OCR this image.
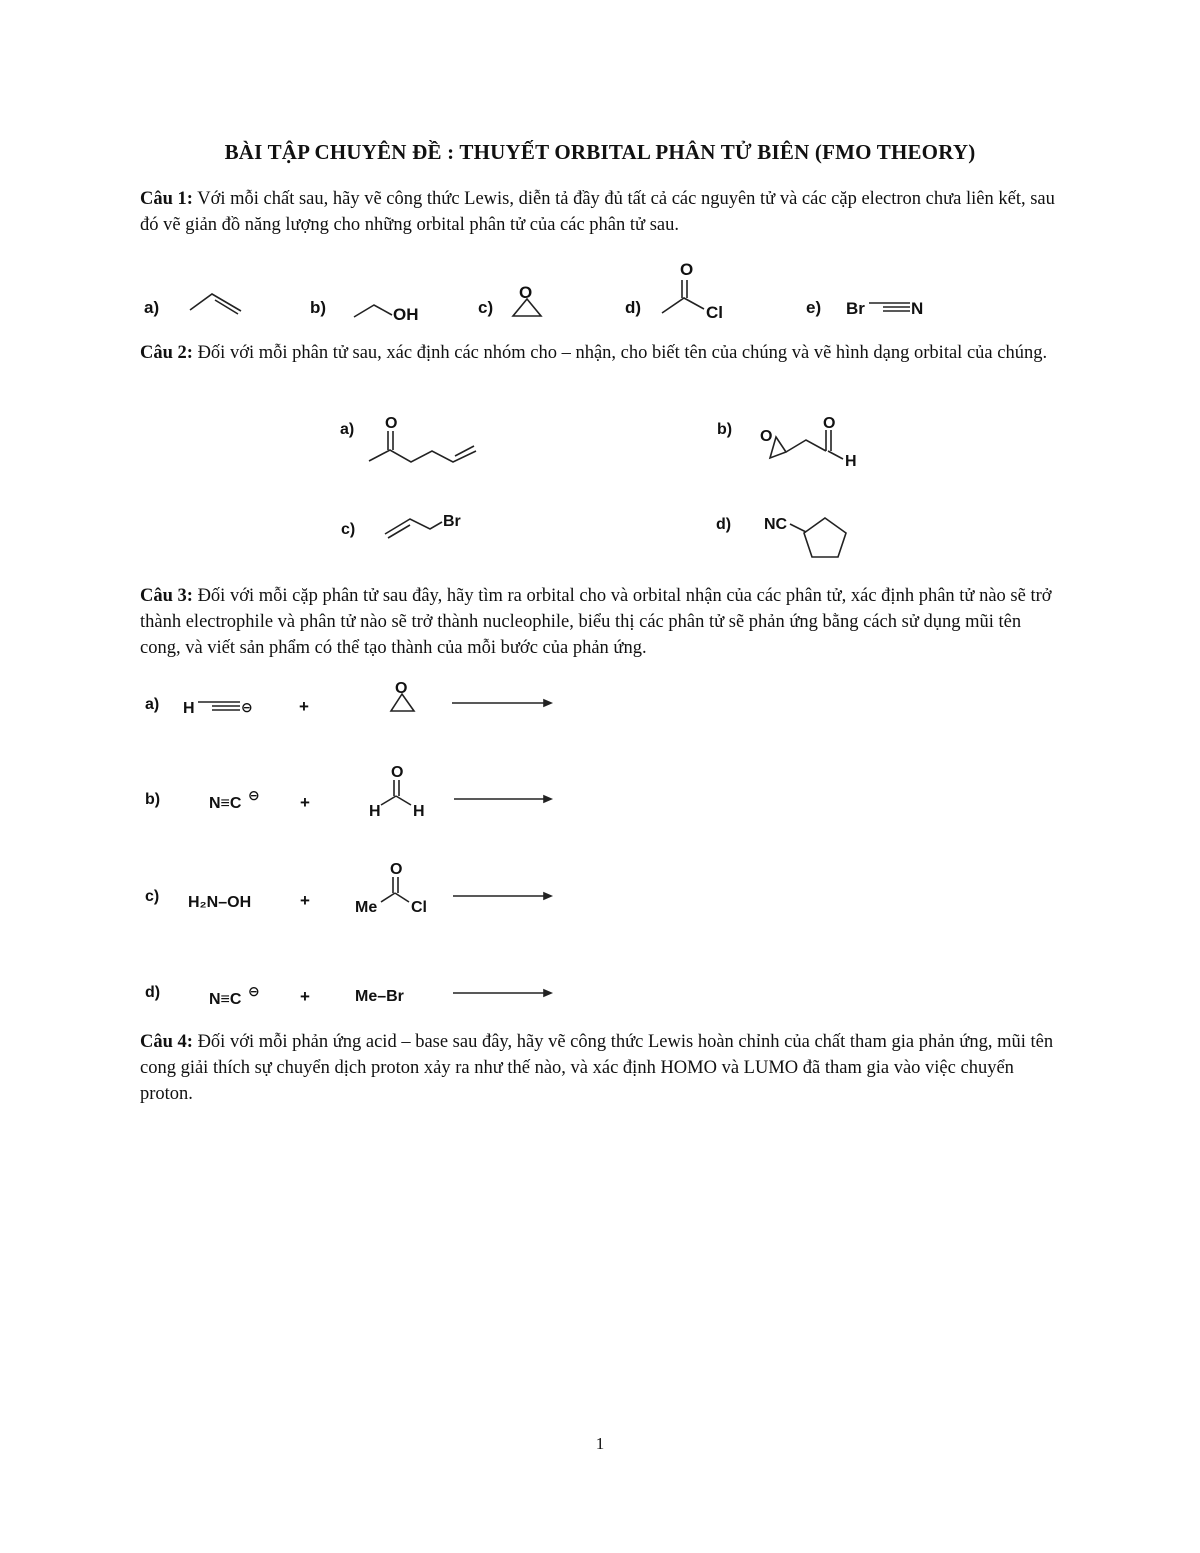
BÀI TẬP CHUYÊN ĐỀ : THUYẾT ORBITAL PHÂN TỬ BIÊN (FMO THEORY)
Câu 1: Với mỗi chất sau, hãy vẽ công thức Lewis, diễn tả đầy đủ tất cả các nguyên tử và các cặp electron chưa liên kết, sau đó vẽ giản đồ năng lượng cho những orbital phân tử của các phân tử sau.
Câu 2: Đối với mỗi phân tử sau, xác định các nhóm cho – nhận, cho biết tên của chúng và vẽ hình dạng orbital của chúng.
Câu 3: Đối với mỗi cặp phân tử sau đây, hãy tìm ra orbital cho và orbital nhận của các phân tử, xác định phân tử nào sẽ trở thành electrophile và phân tử nào sẽ trở thành nucleophile, biểu thị các phân tử sẽ phản ứng bằng cách sử dụng mũi tên cong, và viết sản phẩm có thể tạo thành của mỗi bước của phản ứng.
Câu 4: Đối với mỗi phản ứng acid – base sau đây, hãy vẽ công thức Lewis hoàn chỉnh của chất tham gia phản ứng, mũi tên cong giải thích sự chuyển dịch proton xảy ra như thế nào, và xác định HOMO và LUMO đã tham gia vào việc chuyển proton.
a)	b)	OH	c)
O
d)
O
Cl	e) Br	N
a) O	b) O
O
H
c)	Br	d) NC
a) H	⊖	+
O
b)	N≡C ⊖ +
O
H H
c) H₂N–OH	+
O
Me Cl
d)	N≡C ⊖ +	Me–Br
1
